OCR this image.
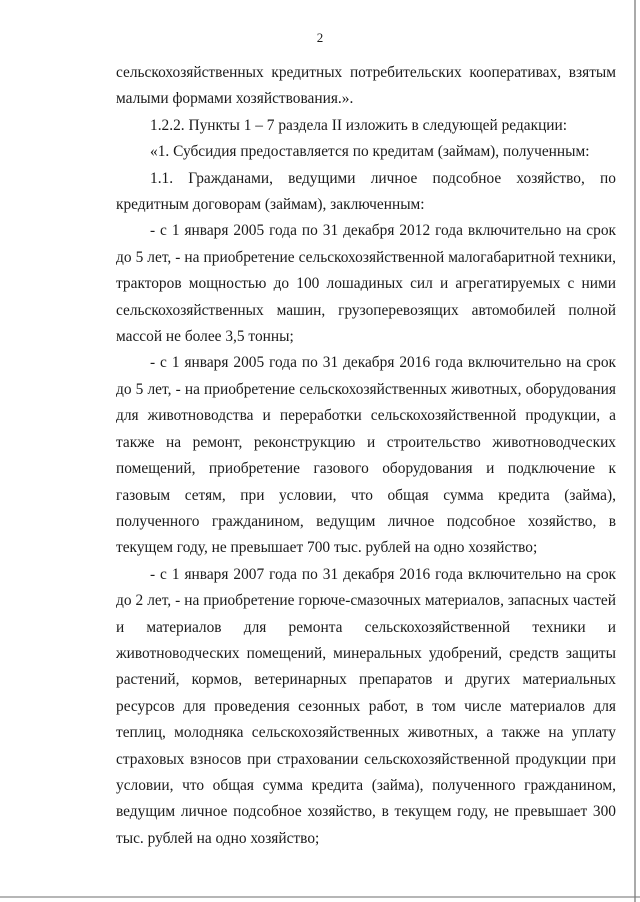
2

сельскохозяйственных кредитных потребительских кооперативах, взятым малыми формами хозяйствования.».

1.2.2. Пункты 1 – 7 раздела II изложить в следующей редакции:

«1. Субсидия предоставляется по кредитам (займам), полученным:

1.1. Гражданами, ведущими личное подсобное хозяйство, по кредитным договорам (займам), заключенным:

- с 1 января 2005 года по 31 декабря 2012 года включительно на срок до 5 лет, - на приобретение сельскохозяйственной малогабаритной техники, тракторов мощностью до 100 лошадиных сил и агрегатируемых с ними сельскохозяйственных машин, грузоперевозящих автомобилей полной массой не более 3,5 тонны;

- с 1 января 2005 года по 31 декабря 2016 года включительно на срок до 5 лет, - на приобретение сельскохозяйственных животных, оборудования для животноводства и переработки сельскохозяйственной продукции, а также на ремонт, реконструкцию и строительство животноводческих помещений, приобретение газового оборудования и подключение к газовым сетям, при условии, что общая сумма кредита (займа), полученного гражданином, ведущим личное подсобное хозяйство, в текущем году, не превышает 700 тыс. рублей на одно хозяйство;

- с 1 января 2007 года по 31 декабря 2016 года включительно на срок до 2 лет, - на приобретение горюче-смазочных материалов, запасных частей и материалов для ремонта сельскохозяйственной техники и животноводческих помещений, минеральных удобрений, средств защиты растений, кормов, ветеринарных препаратов и других материальных ресурсов для проведения сезонных работ, в том числе материалов для теплиц, молодняка сельскохозяйственных животных, а также на уплату страховых взносов при страховании сельскохозяйственной продукции при условии, что общая сумма кредита (займа), полученного гражданином, ведущим личное подсобное хозяйство, в текущем году, не превышает 300 тыс. рублей на одно хозяйство;
